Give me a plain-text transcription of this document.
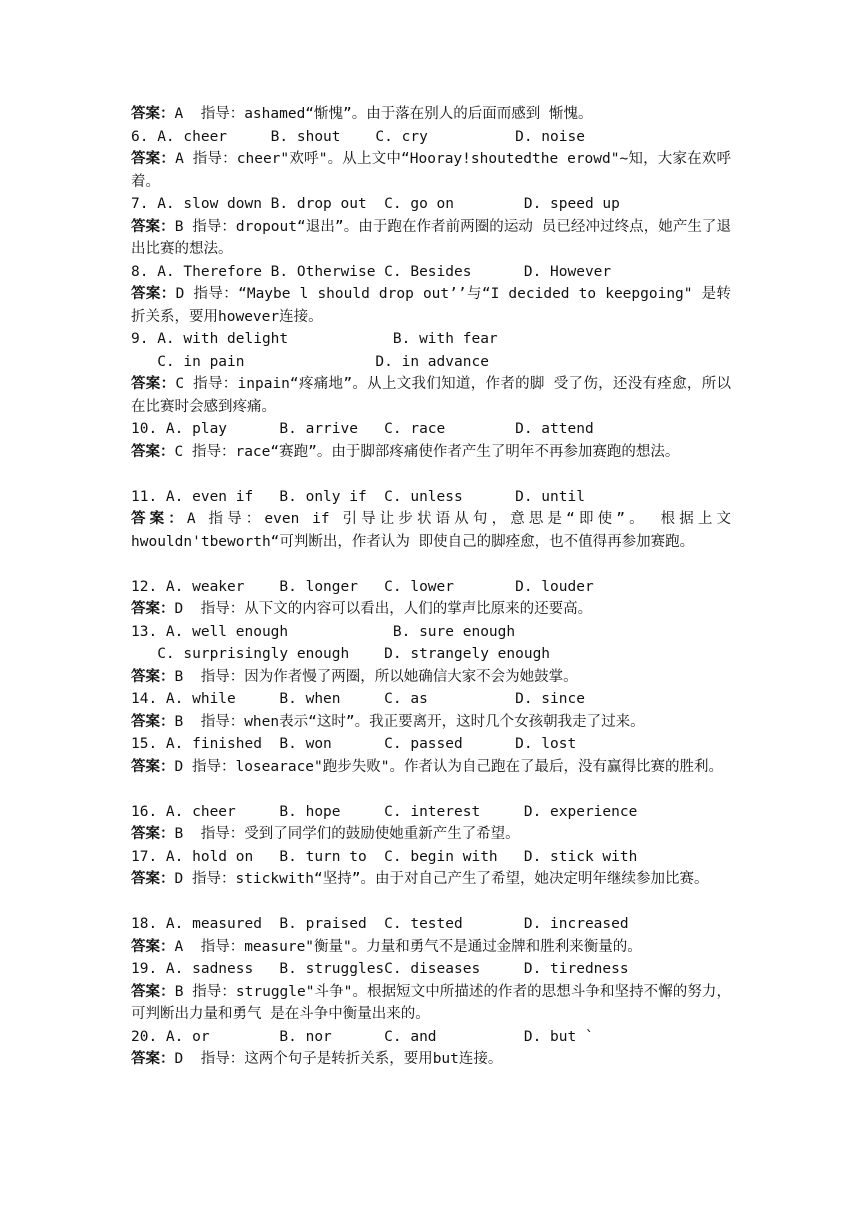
答案：A  指导：ashamed“惭愧”。由于落在别人的后面而感到 惭愧。
6. A. cheer     B. shout    C. cry          D. noise
答案：A 指导：cheer"欢呼"。从上文中“Hooray!shoutedthe erowd"~知，大家在欢呼着。
7. A. slow down B. drop out  C. go on        D. speed up
答案：B 指导：dropout“退出”。由于跑在作者前两圈的运动 员已经冲过终点，她产生了退出比赛的想法。
8. A. Therefore B. Otherwise C. Besides      D. However
答案：D 指导：“Maybe l should drop out’’与“I decided to keepgoing" 是转折关系，要用however连接。
9. A. with delight            B. with fear
C. in pain               D. in advance
答案：C 指导：inpain“疼痛地”。从上文我们知道，作者的脚 受了伤，还没有痊愈，所以在比赛时会感到疼痛。
10. A. play      B. arrive   C. race        D. attend
答案：C 指导：race“赛跑”。由于脚部疼痛使作者产生了明年不再参加赛跑的想法。
11. A. even if   B. only if  C. unless      D. until
答案：A 指导：even if 引导让步状语从句，意思是“即使”。 根据上文hwouldn'tbeworth“可判断出，作者认为 即使自己的脚痊愈，也不值得再参加赛跑。
12. A. weaker    B. longer   C. lower       D. louder
答案：D  指导：从下文的内容可以看出，人们的掌声比原来的还要高。
13. A. well enough            B. sure enough
C. surprisingly enough    D. strangely enough
答案：B  指导：因为作者慢了两圈，所以她确信大家不会为她鼓掌。
14. A. while     B. when     C. as          D. since
答案：B  指导：when表示“这时”。我正要离开，这时几个女孩朝我走了过来。
15. A. finished  B. won      C. passed      D. lost
答案：D 指导：losearace"跑步失败"。作者认为自己跑在了最后，没有赢得比赛的胜利。
16. A. cheer     B. hope     C. interest     D. experience
答案：B  指导：受到了同学们的鼓励使她重新产生了希望。
17. A. hold on   B. turn to  C. begin with   D. stick with
答案：D 指导：stickwith“坚持”。由于对自己产生了希望，她决定明年继续参加比赛。
18. A. measured  B. praised  C. tested       D. increased
答案：A  指导：measure"衡量"。力量和勇气不是通过金牌和胜利来衡量的。
19. A. sadness   B. strugglesC. diseases     D. tiredness
答案：B 指导：struggle"斗争"。根据短文中所描述的作者的思想斗争和坚持不懈的努力，可判断出力量和勇气 是在斗争中衡量出来的。
20. A. or        B. nor      C. and          D. but `
答案：D  指导：这两个句子是转折关系，要用but连接。
